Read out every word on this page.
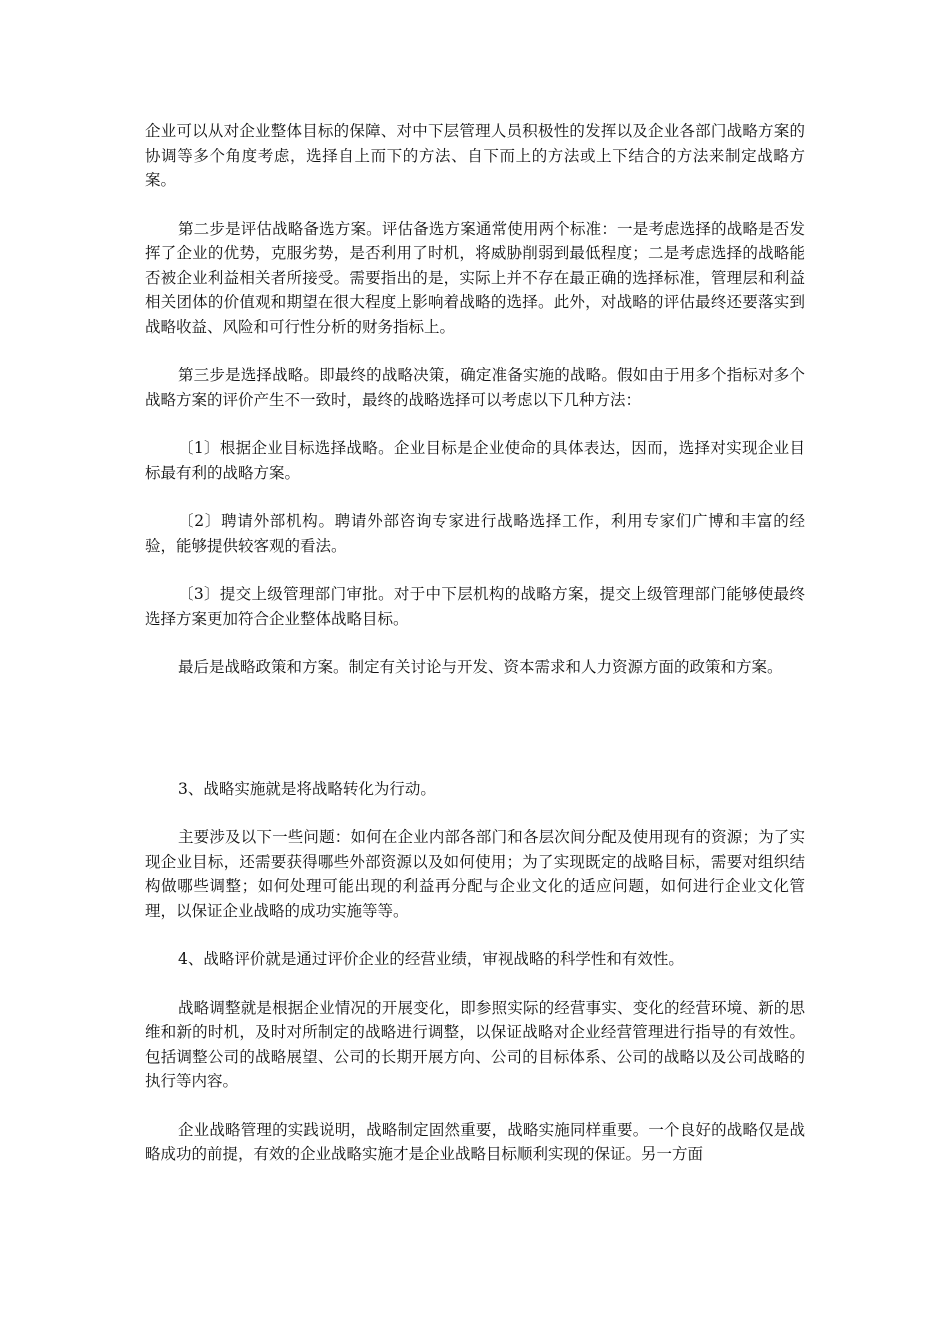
企业可以从对企业整体目标的保障、对中下层管理人员积极性的发挥以及企业各部门战略方案的协调等多个角度考虑，选择自上而下的方法、自下而上的方法或上下结合的方法来制定战略方案。

第二步是评估战略备选方案。评估备选方案通常使用两个标准：一是考虑选择的战略是否发挥了企业的优势，克服劣势，是否利用了时机，将威胁削弱到最低程度；二是考虑选择的战略能否被企业利益相关者所接受。需要指出的是，实际上并不存在最正确的选择标准，管理层和利益相关团体的价值观和期望在很大程度上影响着战略的选择。此外，对战略的评估最终还要落实到战略收益、风险和可行性分析的财务指标上。

第三步是选择战略。即最终的战略决策，确定准备实施的战略。假如由于用多个指标对多个战略方案的评价产生不一致时，最终的战略选择可以考虑以下几种方法：

〔1〕根据企业目标选择战略。企业目标是企业使命的具体表达，因而，选择对实现企业目标最有利的战略方案。

〔2〕聘请外部机构。聘请外部咨询专家进行战略选择工作，利用专家们广博和丰富的经验，能够提供较客观的看法。

〔3〕提交上级管理部门审批。对于中下层机构的战略方案，提交上级管理部门能够使最终选择方案更加符合企业整体战略目标。

最后是战略政策和方案。制定有关讨论与开发、资本需求和人力资源方面的政策和方案。

3、战略实施就是将战略转化为行动。

主要涉及以下一些问题：如何在企业内部各部门和各层次间分配及使用现有的资源；为了实现企业目标，还需要获得哪些外部资源以及如何使用；为了实现既定的战略目标，需要对组织结构做哪些调整；如何处理可能出现的利益再分配与企业文化的适应问题，如何进行企业文化管理，以保证企业战略的成功实施等等。

4、战略评价就是通过评价企业的经营业绩，审视战略的科学性和有效性。

战略调整就是根据企业情况的开展变化，即参照实际的经营事实、变化的经营环境、新的思维和新的时机，及时对所制定的战略进行调整，以保证战略对企业经营管理进行指导的有效性。包括调整公司的战略展望、公司的长期开展方向、公司的目标体系、公司的战略以及公司战略的执行等内容。

企业战略管理的实践说明，战略制定固然重要，战略实施同样重要。一个良好的战略仅是战略成功的前提，有效的企业战略实施才是企业战略目标顺利实现的保证。另一方面
